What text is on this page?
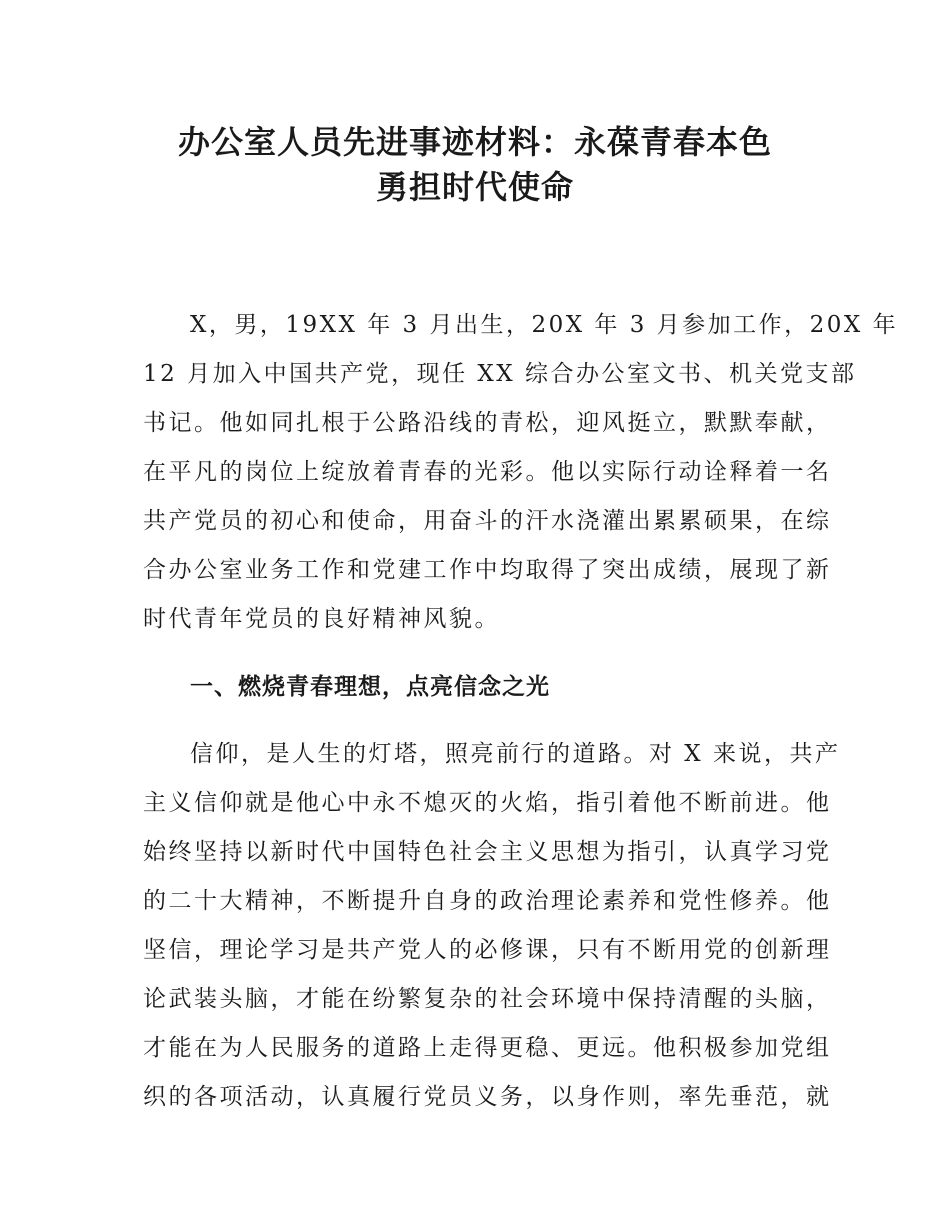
办公室人员先进事迹材料：永葆青春本色
勇担时代使命
X，男，19XX 年 3 月出生，20X 年 3 月参加工作，20X 年
12 月加入中国共产党，现任 XX 综合办公室文书、机关党支部
书记。他如同扎根于公路沿线的青松，迎风挺立，默默奉献，
在平凡的岗位上绽放着青春的光彩。他以实际行动诠释着一名
共产党员的初心和使命，用奋斗的汗水浇灌出累累硕果，在综
合办公室业务工作和党建工作中均取得了突出成绩，展现了新
时代青年党员的良好精神风貌。
一、燃烧青春理想，点亮信念之光
信仰，是人生的灯塔，照亮前行的道路。对 X 来说，共产
主义信仰就是他心中永不熄灭的火焰，指引着他不断前进。他
始终坚持以新时代中国特色社会主义思想为指引，认真学习党
的二十大精神，不断提升自身的政治理论素养和党性修养。他
坚信，理论学习是共产党人的必修课，只有不断用党的创新理
论武装头脑，才能在纷繁复杂的社会环境中保持清醒的头脑，
才能在为人民服务的道路上走得更稳、更远。他积极参加党组
织的各项活动，认真履行党员义务，以身作则，率先垂范，就
